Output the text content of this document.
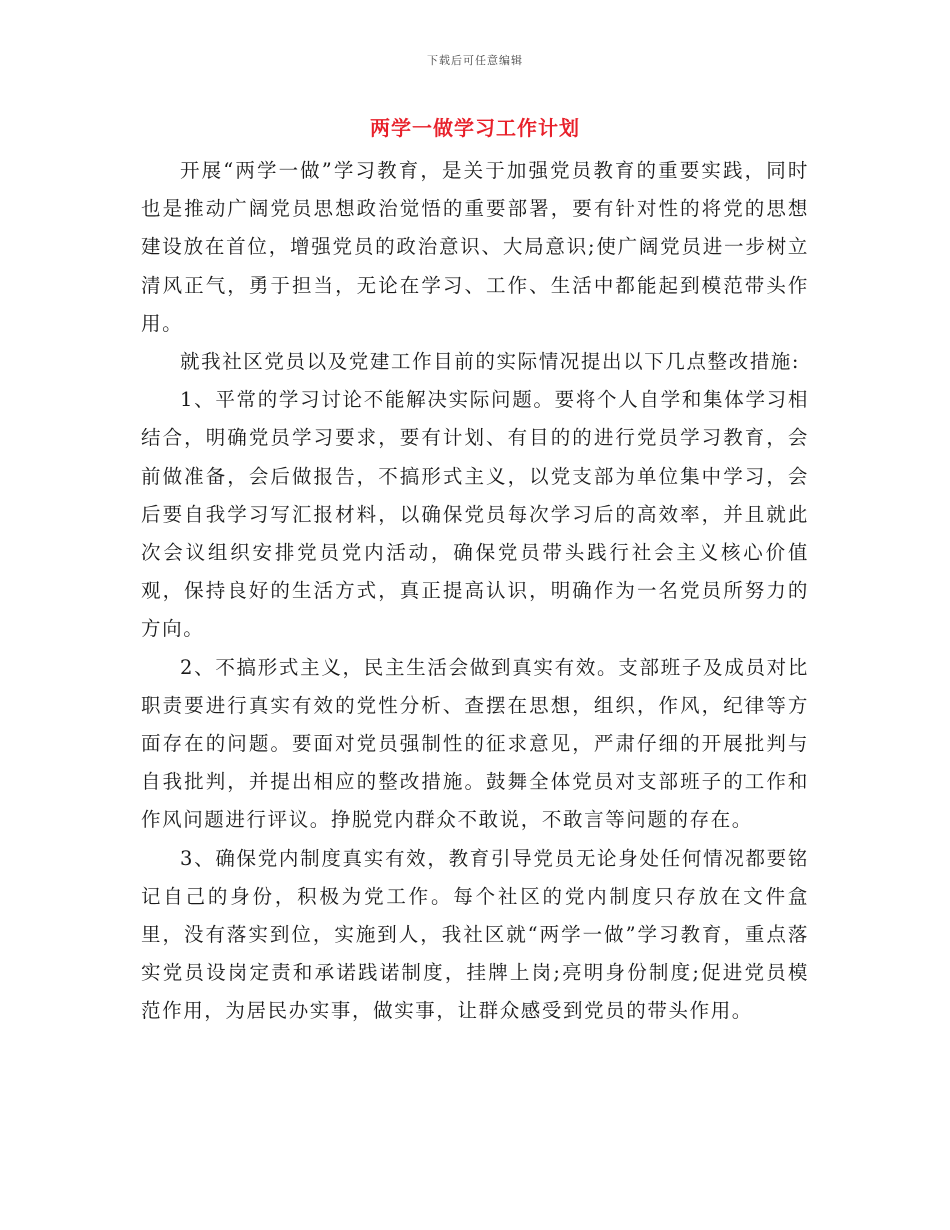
下载后可任意编辑
两学一做学习工作计划

开展“两学一做”学习教育，是关于加强党员教育的重要实践，同时也是推动广阔党员思想政治觉悟的重要部署，要有针对性的将党的思想建设放在首位，增强党员的政治意识、大局意识;使广阔党员进一步树立清风正气，勇于担当，无论在学习、工作、生活中都能起到模范带头作用。

就我社区党员以及党建工作目前的实际情况提出以下几点整改措施:

1、平常的学习讨论不能解决实际问题。要将个人自学和集体学习相结合，明确党员学习要求，要有计划、有目的的进行党员学习教育，会前做准备，会后做报告，不搞形式主义，以党支部为单位集中学习，会后要自我学习写汇报材料，以确保党员每次学习后的高效率，并且就此次会议组织安排党员党内活动，确保党员带头践行社会主义核心价值观，保持良好的生活方式，真正提高认识，明确作为一名党员所努力的方向。

2、不搞形式主义，民主生活会做到真实有效。支部班子及成员对比职责要进行真实有效的党性分析、查摆在思想，组织，作风，纪律等方面存在的问题。要面对党员强制性的征求意见，严肃仔细的开展批判与自我批判，并提出相应的整改措施。鼓舞全体党员对支部班子的工作和作风问题进行评议。挣脱党内群众不敢说，不敢言等问题的存在。

3、确保党内制度真实有效，教育引导党员无论身处任何情况都要铭记自己的身份，积极为党工作。每个社区的党内制度只存放在文件盒里，没有落实到位，实施到人，我社区就“两学一做”学习教育，重点落实党员设岗定责和承诺践诺制度，挂牌上岗;亮明身份制度;促进党员模范作用，为居民办实事，做实事，让群众感受到党员的带头作用。
